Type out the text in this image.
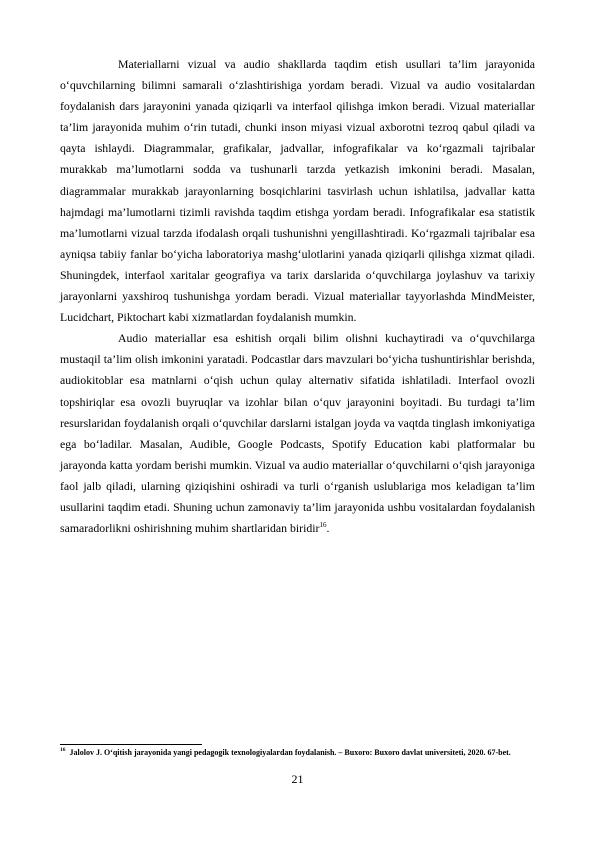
Materiallarni vizual va audio shakllarda taqdim etish usullari ta’lim jarayonida o‘quvchilarning bilimni samarali o‘zlashtirishiga yordam beradi. Vizual va audio vositalardan foydalanish dars jarayonini yanada qiziqarli va interfaol qilishga imkon beradi. Vizual materiallar ta’lim jarayonida muhim o‘rin tutadi, chunki inson miyasi vizual axborotni tezroq qabul qiladi va qayta ishlaydi. Diagrammalar, grafikalar, jadvallar, infografikalar va ko‘rgazmali tajribalar murakkab ma’lumotlarni sodda va tushunarli tarzda yetkazish imkonini beradi. Masalan, diagrammalar murakkab jarayonlarning bosqichlarini tasvirlash uchun ishlatilsa, jadvallar katta hajmdagi ma’lumotlarni tizimli ravishda taqdim etishga yordam beradi. Infografikalar esa statistik ma’lumotlarni vizual tarzda ifodalash orqali tushunishni yengillashtiradi. Ko‘rgazmali tajribalar esa ayniqsa tabiiy fanlar bo‘yicha laboratoriya mashg‘ulotlarini yanada qiziqarli qilishga xizmat qiladi. Shuningdek, interfaol xaritalar geografiya va tarix darslarida o‘quvchilarga joylashuv va tarixiy jarayonlarni yaxshiroq tushunishga yordam beradi. Vizual materiallar tayyorlashda MindMeister, Lucidchart, Piktochart kabi xizmatlardan foydalanish mumkin.

Audio materiallar esa eshitish orqali bilim olishni kuchaytiradi va o‘quvchilarga mustaqil ta’lim olish imkonini yaratadi. Podcastlar dars mavzulari bo‘yicha tushuntirishlar berishda, audiokitoblar esa matnlarni o‘qish uchun qulay alternativ sifatida ishlatiladi. Interfaol ovozli topshiriqlar esa ovozli buyruqlar va izohlar bilan o‘quv jarayonini boyitadi. Bu turdagi ta’lim resurslaridan foydalanish orqali o‘quvchilar darslarni istalgan joyda va vaqtda tinglash imkoniyatiga ega bo‘ladilar. Masalan, Audible, Google Podcasts, Spotify Education kabi platformalar bu jarayonda katta yordam berishi mumkin. Vizual va audio materiallar o‘quvchilarni o‘qish jarayoniga faol jalb qiladi, ularning qiziqishini oshiradi va turli o‘rganish uslublariga mos keladigan ta’lim usullarini taqdim etadi. Shuning uchun zamonaviy ta’lim jarayonida ushbu vositalardan foydalanish samaradorlikni oshirishning muhim shartlaridan biridir$^{16}$.

$^{16}$ Jalolov J. O‘qitish jarayonida yangi pedagogik texnologiyalardan foydalanish. – Buxoro: Buxoro davlat universiteti, 2020. 67-bet.

21
